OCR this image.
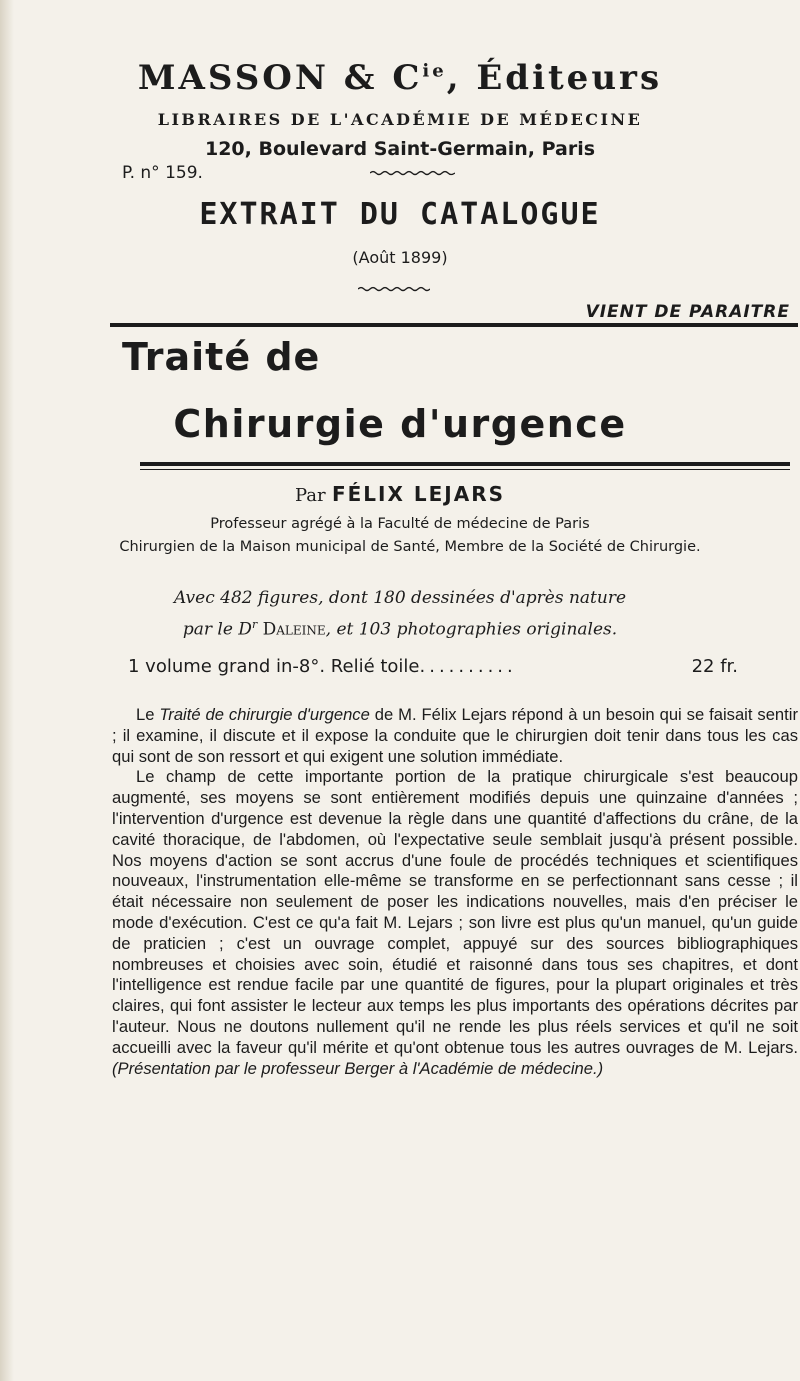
MASSON & $C^{ie}$, Éditeurs
LIBRAIRES DE L'ACADÉMIE DE MÉDECINE
120, Boulevard Saint-Germain, Paris
P. n° 159.
EXTRAIT DU CATALOGUE
(Août 1899)
VIENT DE PARAITRE
Traité de
Chirurgie d'urgence
Par FÉLIX LEJARS
Professeur agrégé à la Faculté de médecine de Paris
Chirurgien de la Maison municipal de Santé, Membre de la Société de Chirurgie.
Avec 482 figures, dont 180 dessinées d'après nature
par le $D^r$ Daleine, et 103 photographies originales.
1 volume grand in-8°. Relié toile ..........	22 fr.

Le Traité de chirurgie d'urgence de M. Félix Lejars répond à un besoin qui se faisait sentir ; il examine, il discute et il expose la conduite que le chirurgien doit tenir dans tous les cas qui sont de son ressort et qui exigent une solution immédiate.

Le champ de cette importante portion de la pratique chirurgicale s'est beaucoup augmenté, ses moyens se sont entièrement modifiés depuis une quinzaine d'années ; l'intervention d'urgence est devenue la règle dans une quantité d'affections du crâne, de la cavité thoracique, de l'abdomen, où l'expectative seule semblait jusqu'à présent possible. Nos moyens d'action se sont accrus d'une foule de procédés techniques et scientifiques nouveaux, l'instrumentation elle-même se transforme en se perfectionnant sans cesse ; il était nécessaire non seulement de poser les indications nouvelles, mais d'en préciser le mode d'exécution. C'est ce qu'a fait M. Lejars ; son livre est plus qu'un manuel, qu'un guide de praticien ; c'est un ouvrage complet, appuyé sur des sources bibliographiques nombreuses et choisies avec soin, étudié et raisonné dans tous ses chapitres, et dont l'intelligence est rendue facile par une quantité de figures, pour la plupart originales et très claires, qui font assister le lecteur aux temps les plus importants des opérations décrites par l'auteur. Nous ne doutons nullement qu'il ne rende les plus réels services et qu'il ne soit accueilli avec la faveur qu'il mérite et qu'ont obtenue tous les autres ouvrages de M. Lejars. (Présentation par le professeur Berger à l'Académie de médecine.)
